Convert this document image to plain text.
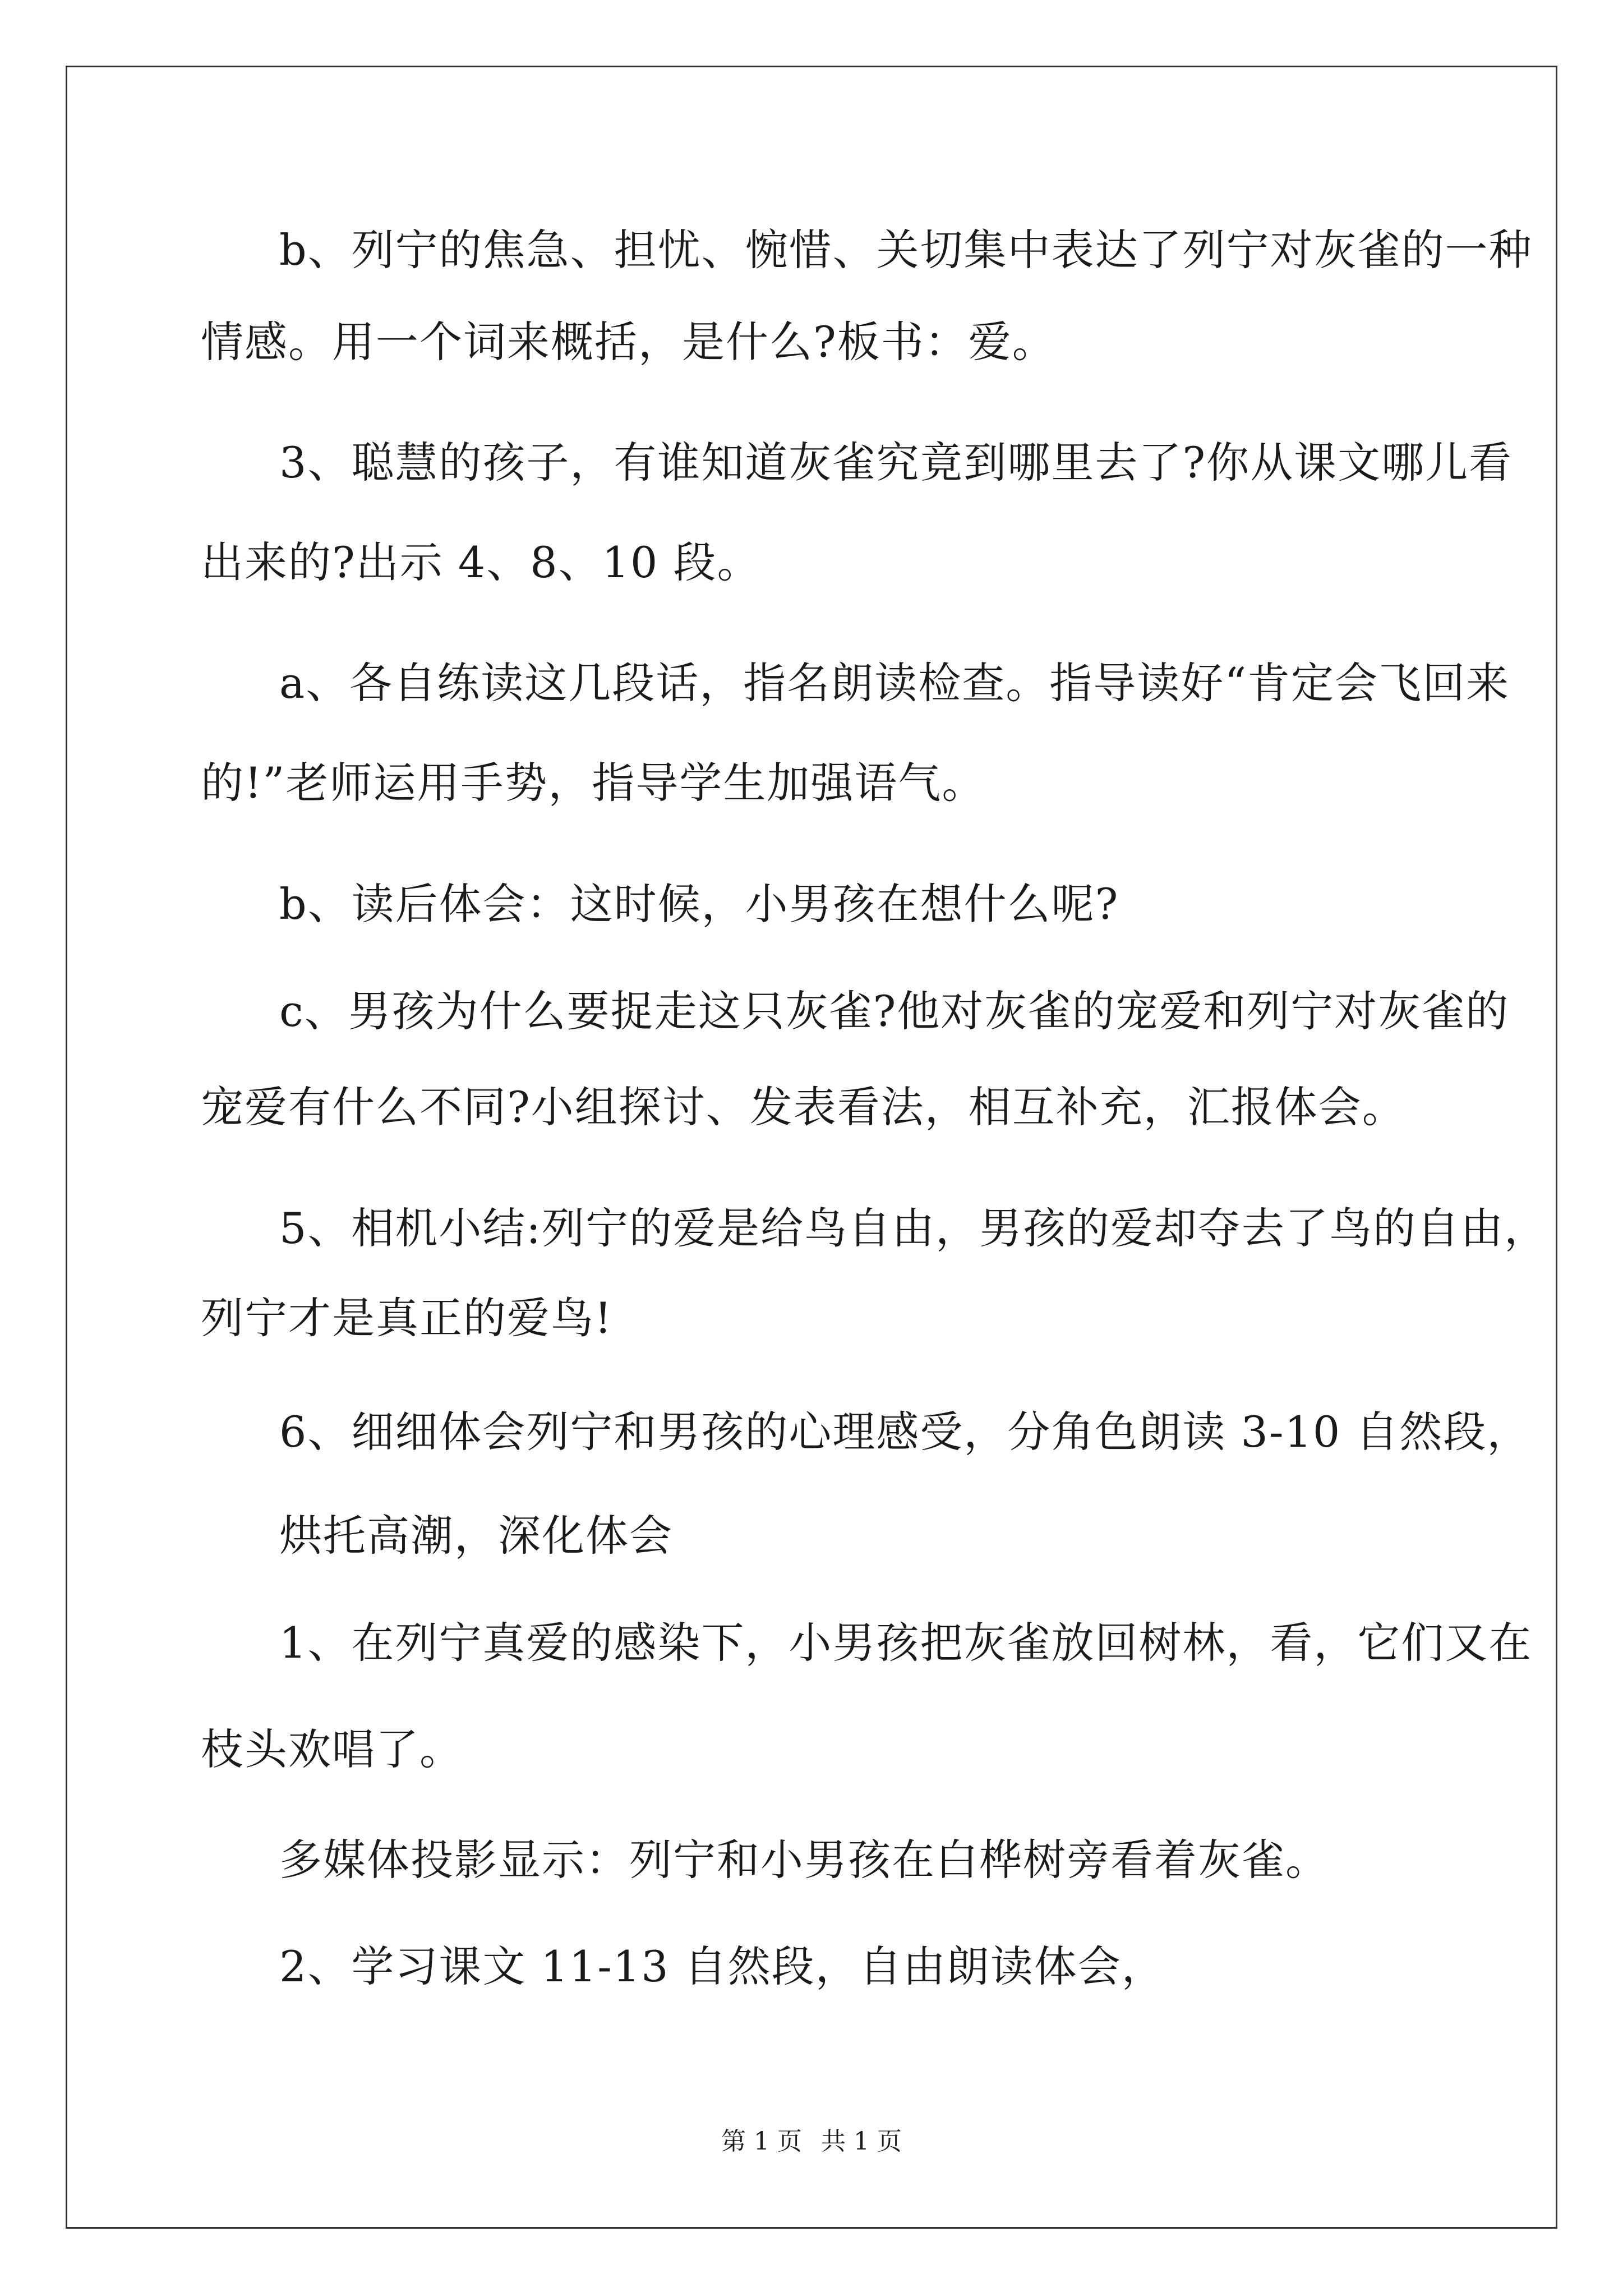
b、列宁的焦急、担忧、惋惜、关切集中表达了列宁对灰雀的一种
情感。用一个词来概括，是什么?板书：爱。
3、聪慧的孩子，有谁知道灰雀究竟到哪里去了?你从课文哪儿看
出来的?出示 4、8、10 段。
a、各自练读这几段话，指名朗读检查。指导读好“肯定会飞回来
的!”老师运用手势，指导学生加强语气。
b、读后体会：这时候，小男孩在想什么呢?
c、男孩为什么要捉走这只灰雀?他对灰雀的宠爱和列宁对灰雀的
宠爱有什么不同?小组探讨、发表看法，相互补充，汇报体会。
5、相机小结:列宁的爱是给鸟自由，男孩的爱却夺去了鸟的自由，
列宁才是真正的爱鸟!
6、细细体会列宁和男孩的心理感受，分角色朗读 3-10 自然段，
烘托高潮，深化体会
1、在列宁真爱的感染下，小男孩把灰雀放回树林，看，它们又在
枝头欢唱了。
多媒体投影显示：列宁和小男孩在白桦树旁看着灰雀。
2、学习课文 11-13 自然段，自由朗读体会，
第 1 页 共 1 页
